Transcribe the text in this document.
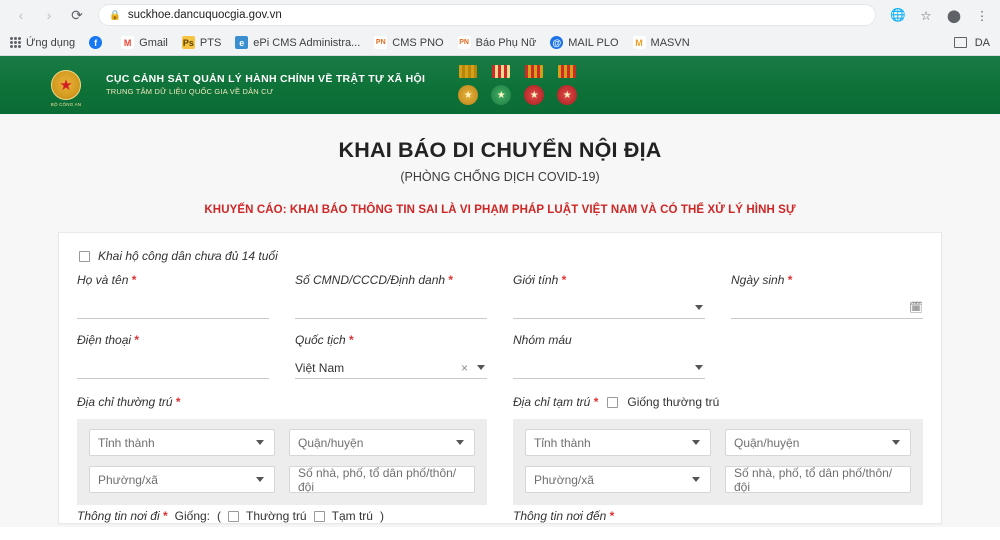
‹	›	⟳	🔒 suckhoe.dancuquocgia.gov.vn	🌐	☆	⬤	⋮
Ứng dụng	f	M Gmail Ps PTS	e ePi CMS Administra... PN CMS PNO PN Báo Phụ Nữ @ MAIL PLO	M MASVN	DA
★
BỘ CÔNG AN
CỤC CẢNH SÁT QUẢN LÝ HÀNH CHÍNH VỀ TRẬT TỰ XÃ HỘI
TRUNG TÂM DỮ LIỆU QUỐC GIA VỀ DÂN CƯ	★	★	★	★
KHAI BÁO DI CHUYỂN NỘI ĐỊA
(PHÒNG CHỐNG DỊCH COVID-19)
KHUYẾN CÁO: KHAI BÁO THÔNG TIN SAI LÀ VI PHẠM PHÁP LUẬT VIỆT NAM VÀ CÓ THỂ XỬ LÝ HÌNH SỰ
Khai hộ công dân chưa đủ 14 tuổi
Họ và tên *	Số CMND/CCCD/Định danh *	Giới tính *	Ngày sinh *
🗓
Điện thoại *	Quốc tịch *
Việt Nam	×
Nhóm máu
Địa chỉ thường trú *
Tỉnh thành	Quận/huyện
Phường/xã	Số nhà, phố, tổ dân phố/thôn/đội
Địa chỉ tạm trú * Giống thường trú
Tỉnh thành	Quận/huyện
Phường/xã	Số nhà, phố, tổ dân phố/thôn/đội
Thông tin nơi đi * Giống: ( Thường trú Tạm trú )	Thông tin nơi đến *
